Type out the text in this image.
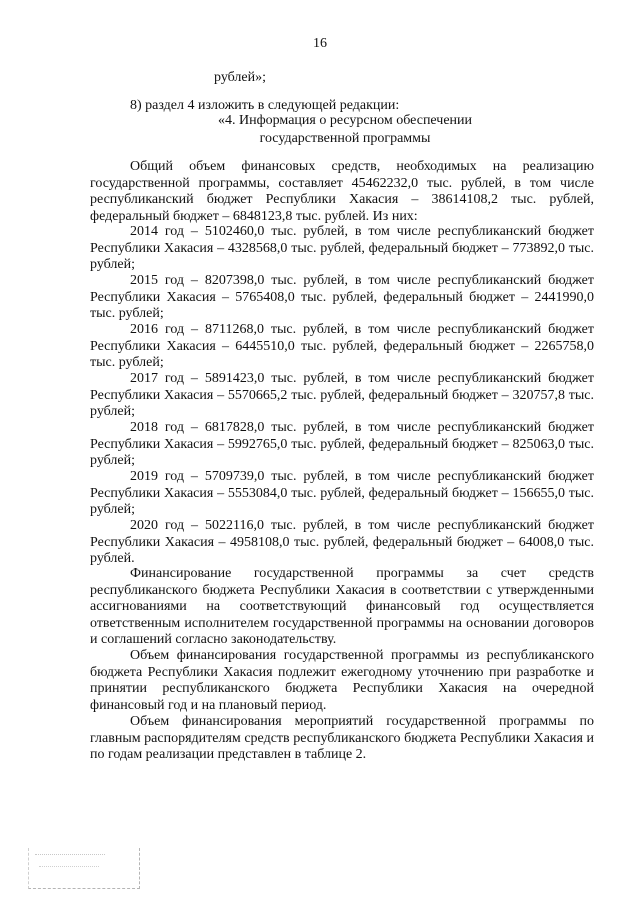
16
рублей»;
8) раздел 4 изложить в следующей редакции:
«4. Информация о ресурсном обеспечении
государственной программы

Общий объем финансовых средств, необходимых на реализацию государственной программы, составляет 45462232,0 тыс. рублей, в том числе республиканский бюджет Республики Хакасия – 38614108,2 тыс. рублей, федеральный бюджет – 6848123,8 тыс. рублей. Из них:

2014 год – 5102460,0 тыс. рублей, в том числе республиканский бюджет Республики Хакасия – 4328568,0 тыс. рублей, федеральный бюджет – 773892,0 тыс. рублей;

2015 год – 8207398,0 тыс. рублей, в том числе республиканский бюджет Республики Хакасия – 5765408,0 тыс. рублей, федеральный бюджет – 2441990,0 тыс. рублей;

2016 год – 8711268,0 тыс. рублей, в том числе республиканский бюджет Республики Хакасия – 6445510,0 тыс. рублей, федеральный бюджет – 2265758,0 тыс. рублей;

2017 год – 5891423,0 тыс. рублей, в том числе республиканский бюджет Республики Хакасия – 5570665,2 тыс. рублей, федеральный бюджет – 320757,8 тыс. рублей;

2018 год – 6817828,0 тыс. рублей, в том числе республиканский бюджет Республики Хакасия – 5992765,0 тыс. рублей, федеральный бюджет – 825063,0 тыс. рублей;

2019 год – 5709739,0 тыс. рублей, в том числе республиканский бюджет Республики Хакасия – 5553084,0 тыс. рублей, федеральный бюджет – 156655,0 тыс. рублей;

2020 год – 5022116,0 тыс. рублей, в том числе республиканский бюджет Республики Хакасия – 4958108,0 тыс. рублей, федеральный бюджет – 64008,0 тыс. рублей.

Финансирование государственной программы за счет средств республиканского бюджета Республики Хакасия в соответствии с утвержденными ассигнованиями на соответствующий финансовый год осуществляется ответственным исполнителем государственной программы на основании договоров и соглашений согласно законодательству.

Объем финансирования государственной программы из республиканского бюджета Республики Хакасия подлежит ежегодному уточнению при разработке и принятии республиканского бюджета Республики Хакасия на очередной финансовый год и на плановый период.

Объем финансирования мероприятий государственной программы по главным распорядителям средств республиканского бюджета Республики Хакасия и по годам реализации представлен в таблице 2.
